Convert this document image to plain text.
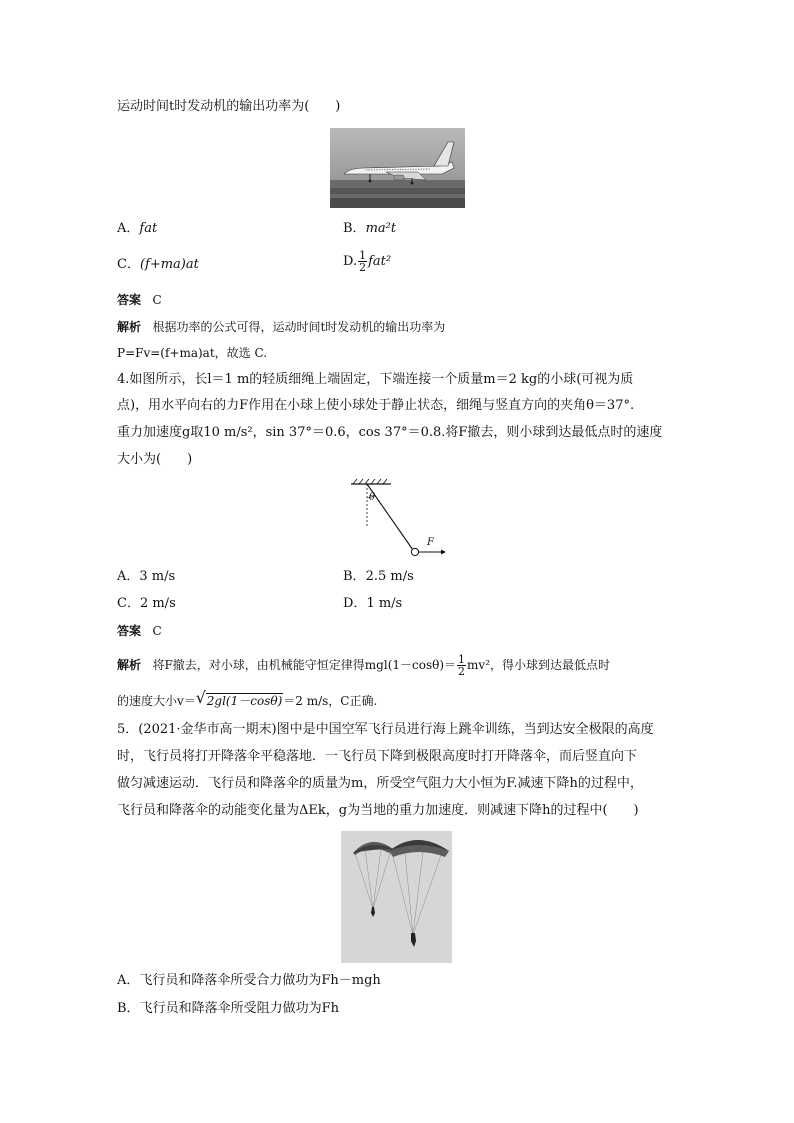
运动时间t时发动机的输出功率为(　　)
A．fat	B．ma²t
C．(f+ma)at	D. $\frac{1}{2} fat^2$
答案 C
解析 根据功率的公式可得，运动时间t时发动机的输出功率为
P=Fv=(f+ma)at，故选 C.
4.如图所示，长l＝1 m的轻质细绳上端固定，下端连接一个质量m＝2 kg的小球(可视为质
点)，用水平向右的力F作用在小球上使小球处于静止状态，细绳与竖直方向的夹角θ＝37°.
重力加速度g取10 m/s²，sin 37°＝0.6，cos 37°＝0.8.将F撤去，则小球到达最低点时的速度
大小为(　　)
θ
F
A．3 m/s	B．2.5 m/s
C．2 m/s	D．1 m/s
答案 C
解析 将F撤去，对小球，由机械能守恒定律得$mgl(1-\cos\theta)= \frac{1}{2} mv^2$，得小球到达最低点时
的速度大小v＝ √ 2gl(1－cosθ)＝2 m/s，C正确.
5．(2021·金华市高一期末)图中是中国空军飞行员进行海上跳伞训练，当到达安全极限的高度
时，飞行员将打开降落伞平稳落地．一飞行员下降到极限高度时打开降落伞，而后竖直向下
做匀减速运动．飞行员和降落伞的质量为m，所受空气阻力大小恒为F.减速下降h的过程中，
飞行员和降落伞的动能变化量为ΔEk，g为当地的重力加速度．则减速下降h的过程中(　　)
A．飞行员和降落伞所受合力做功为Fh－mgh
B．飞行员和降落伞所受阻力做功为Fh
